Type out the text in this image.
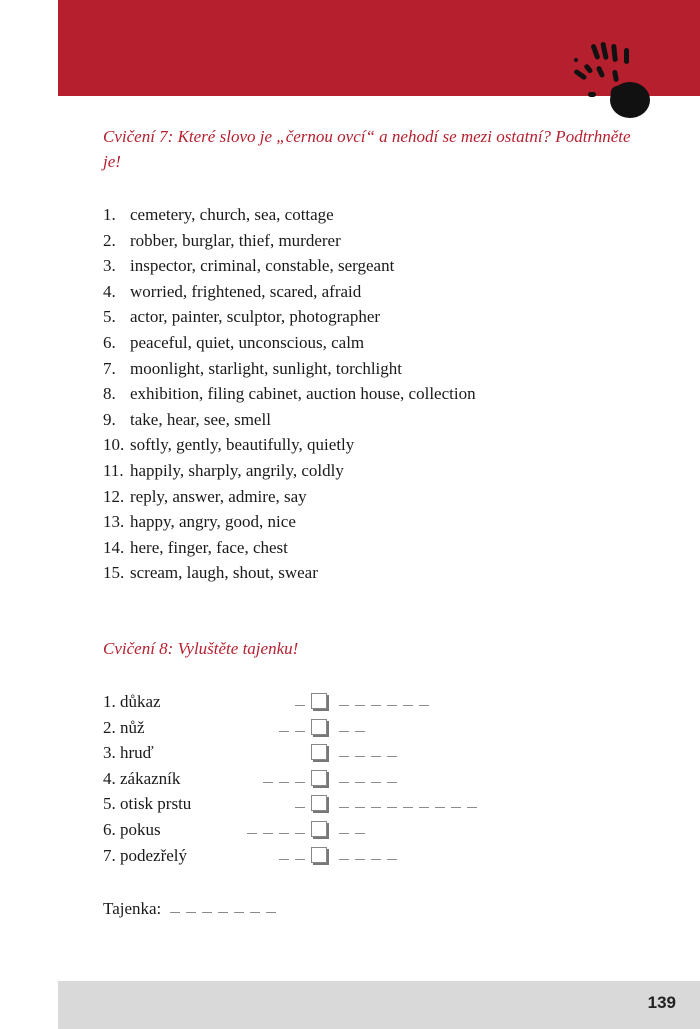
Cvičení 7: Které slovo je „černou ovcí“ a nehodí se mezi ostatní? Podtrhněte je!
1. cemetery, church, sea, cottage
2. robber, burglar, thief, murderer
3. inspector, criminal, constable, sergeant
4. worried, frightened, scared, afraid
5. actor, painter, sculptor, photographer
6. peaceful, quiet, unconscious, calm
7. moonlight, starlight, sunlight, torchlight
8. exhibition, filing cabinet, auction house, collection
9. take, hear, see, smell
10. softly, gently, beautifully, quietly
11. happily, sharply, angrily, coldly
12. reply, answer, admire, say
13. happy, angry, good, nice
14. here, finger, face, chest
15. scream, laugh, shout, swear
Cvičení 8: Vyluštěte tajenku!
1. důkaz
2. nůž
3. hruď
4. zákazník
5. otisk prstu
6. pokus
7. podezřelý
Tajenka:
139
